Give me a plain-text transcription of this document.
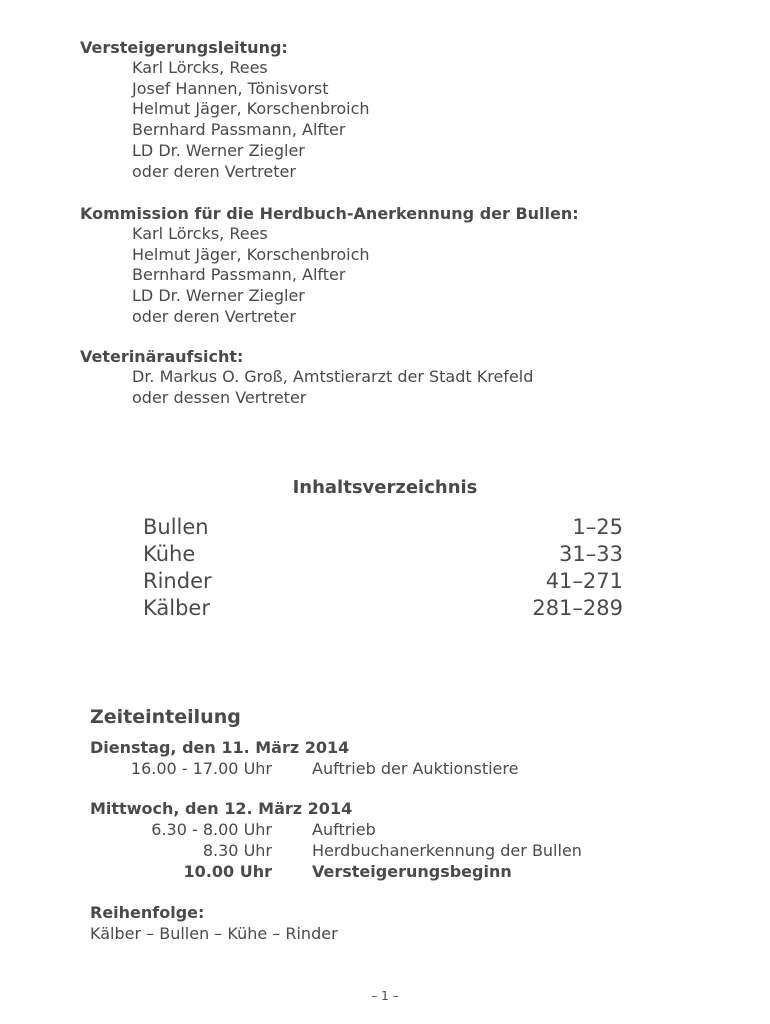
Versteigerungsleitung:
Karl Lörcks, Rees
Josef Hannen, Tönisvorst
Helmut Jäger, Korschenbroich
Bernhard Passmann, Alfter
LD Dr. Werner Ziegler
oder deren Vertreter
Kommission für die Herdbuch-Anerkennung der Bullen:
Karl Lörcks, Rees
Helmut Jäger, Korschenbroich
Bernhard Passmann, Alfter
LD Dr. Werner Ziegler
oder deren Vertreter
Veterinäraufsicht:
Dr. Markus O. Groß, Amtstierarzt der Stadt Krefeld
oder dessen Vertreter
Inhaltsverzeichnis
Bullen	1–25
Kühe	31–33
Rinder	41–271
Kälber	281–289
Zeiteinteilung
Dienstag, den 11. März 2014
16.00 - 17.00 Uhr	Auftrieb der Auktionstiere
Mittwoch, den 12. März 2014
6.30 - 8.00 Uhr	Auftrieb
8.30 Uhr	Herdbuchanerkennung der Bullen
10.00 Uhr	Versteigerungsbeginn
Reihenfolge:
Kälber – Bullen – Kühe – Rinder
– 1 –
